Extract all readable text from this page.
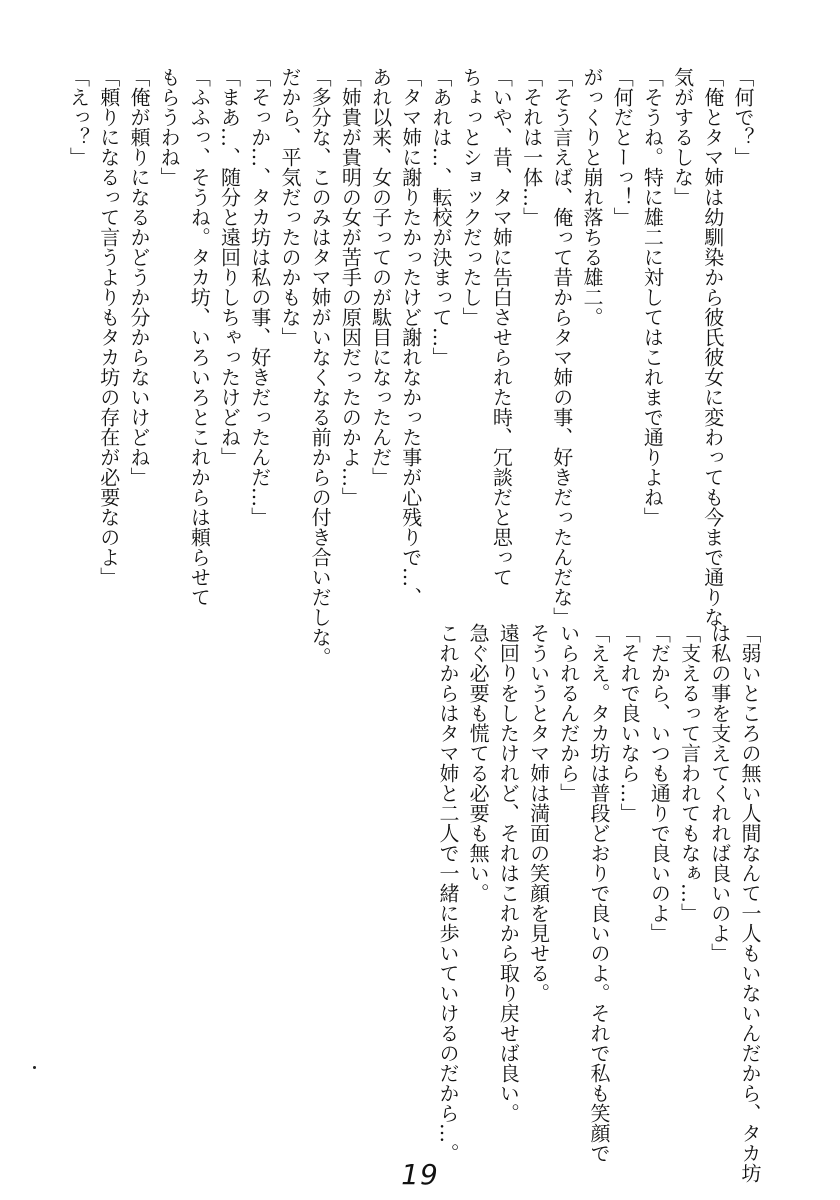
「何で？」
「俺とタマ姉は幼馴染から彼氏彼女に変わっても今まで通りな
気がするしな」
「そうね。特に雄二に対してはこれまで通りよね」
「何だとーっ！」
がっくりと崩れ落ちる雄二。
「そう言えば、俺って昔からタマ姉の事、好きだったんだな」
「それは一体…」
「いや、昔、タマ姉に告白させられた時、冗談だと思って
ちょっとショックだったし」
「あれは…、転校が決まって…」
「タマ姉に謝りたかったけど謝れなかった事が心残りで…、
あれ以来、女の子ってのが駄目になったんだ」
「姉貴が貴明の女が苦手の原因だったのかよ…」
「多分な、このみはタマ姉がいなくなる前からの付き合いだしな。
だから、平気だったのかもな」
「そっか…、タカ坊は私の事、好きだったんだ…」
「まあ…、随分と遠回りしちゃったけどね」
「ふふっ、そうね。タカ坊、いろいろとこれからは頼らせて
もらうわね」
「俺が頼りになるかどうか分からないけどね」
「頼りになるって言うよりもタカ坊の存在が必要なのよ」
「えっ？」
「弱いところの無い人間なんて一人もいないんだから、タカ坊
は私の事を支えてくれれば良いのよ」
「支えるって言われてもなぁ…」
「だから、いつも通りで良いのよ」
「それで良いなら…」
「ええ。タカ坊は普段どおりで良いのよ。それで私も笑顔で
いられるんだから」
そういうとタマ姉は満面の笑顔を見せる。
遠回りをしたけれど、それはこれから取り戻せば良い。
急ぐ必要も慌てる必要も無い。
これからはタマ姉と二人で一緒に歩いていけるのだから…。
19
